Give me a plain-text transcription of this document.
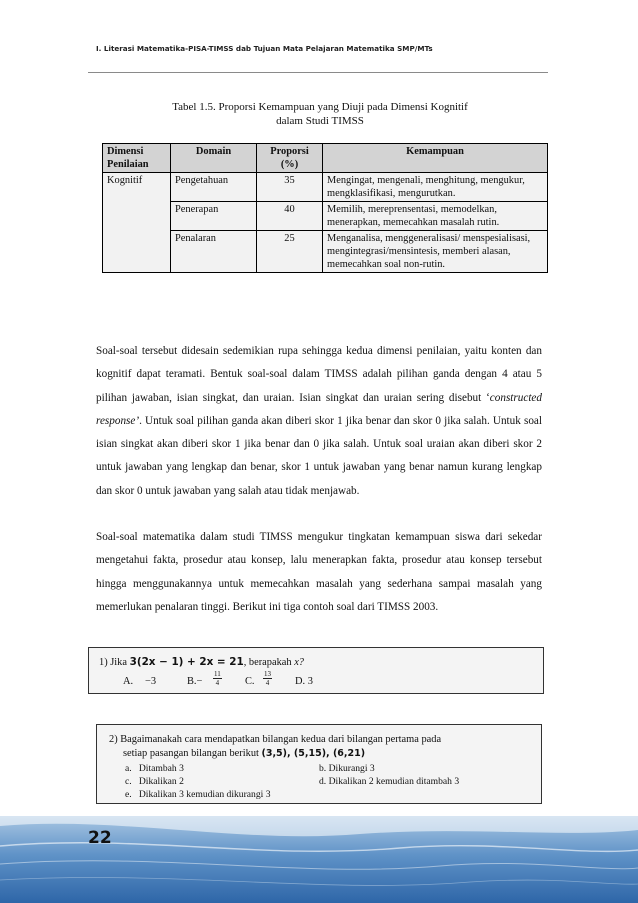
I. Literasi Matematika-PISA-TIMSS dab Tujuan Mata Pelajaran Matematika SMP/MTs
Tabel 1.5. Proporsi Kemampuan yang Diuji pada Dimensi Kognitif
dalam Studi TIMSS
Dimensi Penilaian	Domain	Proporsi (%)	Kemampuan
Kognitif	Pengetahuan	35	Mengingat, mengenali, menghitung, mengukur, mengklasifikasi, mengurutkan.
	Penerapan	40	Memilih, mereprensentasi, memodelkan, menerapkan, memecahkan masalah rutin.
	Penalaran	25	Menganalisa, menggeneralisasi/ menspesialisasi, mengintegrasi/mensintesis, memberi alasan, memecahkan soal non-rutin.

Soal-soal tersebut didesain sedemikian rupa sehingga kedua dimensi penilaian, yaitu konten dan kognitif dapat teramati. Bentuk soal-soal dalam TIMSS adalah pilihan ganda dengan 4 atau 5 pilihan jawaban, isian singkat, dan uraian. Isian singkat dan uraian sering disebut ‘constructed response’. Untuk soal pilihan ganda akan diberi skor 1 jika benar dan skor 0 jika salah. Untuk soal isian singkat akan diberi skor 1 jika benar dan 0 jika salah. Untuk soal uraian akan diberi skor 2 untuk jawaban yang lengkap dan benar, skor 1 untuk jawaban yang benar namun kurang lengkap dan skor 0 untuk jawaban yang salah atau tidak menjawab.

Soal-soal matematika dalam studi TIMSS mengukur tingkatan kemampuan siswa dari sekedar mengetahui fakta, prosedur atau konsep, lalu menerapkan fakta, prosedur atau konsep tersebut hingga menggunakannya untuk memecahkan masalah yang sederhana sampai masalah yang memerlukan penalaran tinggi. Berikut ini tiga contoh soal dari TIMSS 2003.

1) Jika 3(2x − 1) + 2x = 21, berapakah x?
A. −3	$B.- \frac{11}{4} C$. $\frac{13}{4} D$. 3
2) Bagaimanakah cara mendapatkan bilangan kedua dari bilangan pertama pada
setiap pasangan bilangan berikut (3,5), (5,15), (6,21)
a. Ditambah 3	b. Dikurangi 3
c. Dikalikan 2	d. Dikalikan 2 kemudian ditambah 3
e. Dikalikan 3 kemudian dikurangi 3
22
